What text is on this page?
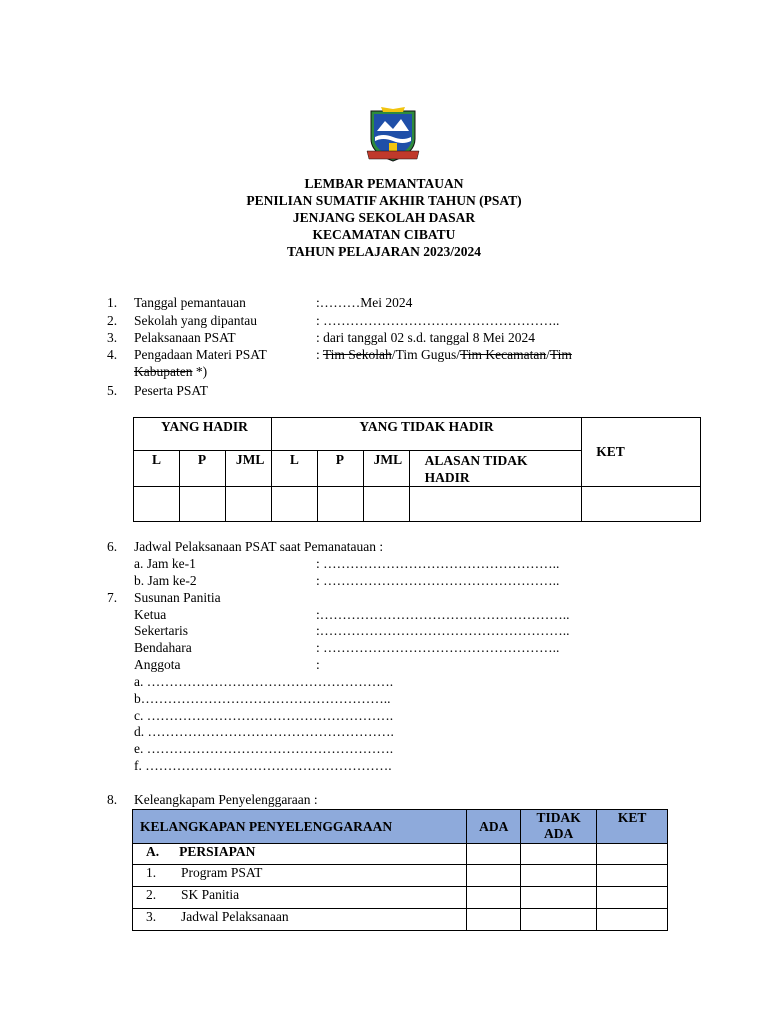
LEMBAR PEMANTAUAN
PENILIAN SUMATIF AKHIR TAHUN (PSAT)
JENJANG SEKOLAH DASAR
KECAMATAN CIBATU
TAHUN PELAJARAN 2023/2024
1. Tanggal pemantauan	:………Mei 2024
2. Sekolah yang dipantau	: ……………………………………………..
3. Pelaksanaan PSAT	: dari tanggal 02 s.d. tanggal 8 Mei 2024
4. Pengadaan Materi PSAT	: Tim Sekolah/Tim Gugus/Tim Kecamatan/Tim
Kabupaten *)
5. Peserta PSAT
YANG HADIR			YANG TIDAK HADIR				KET
L	P	JML	L	P	JML	ALASAN TIDAK HADIR	

6. Jadwal Pelaksanaan PSAT saat Pemanatauan :
a. Jam ke-1	: ……………………………………………..
b. Jam ke-2	: ……………………………………………..
7. Susunan Panitia
Ketua	:………………………………………………..
Sekertaris	:………………………………………………..
Bendahara	: ……………………………………………..
Anggota	:
a. ……………………………………………….
b………………………………………………..
c. ……………………………………………….
d. ……………………………………………….
e. ……………………………………………….
f. ……………………………………………….
8. Keleangkapam Penyelenggaraan :
KELANGKAPAN PENYELENGGARAAN	ADA	TIDAK ADA	KET
A. PERSIAPAN			
1. Program PSAT			
2. SK Panitia			
3. Jadwal Pelaksanaan			
